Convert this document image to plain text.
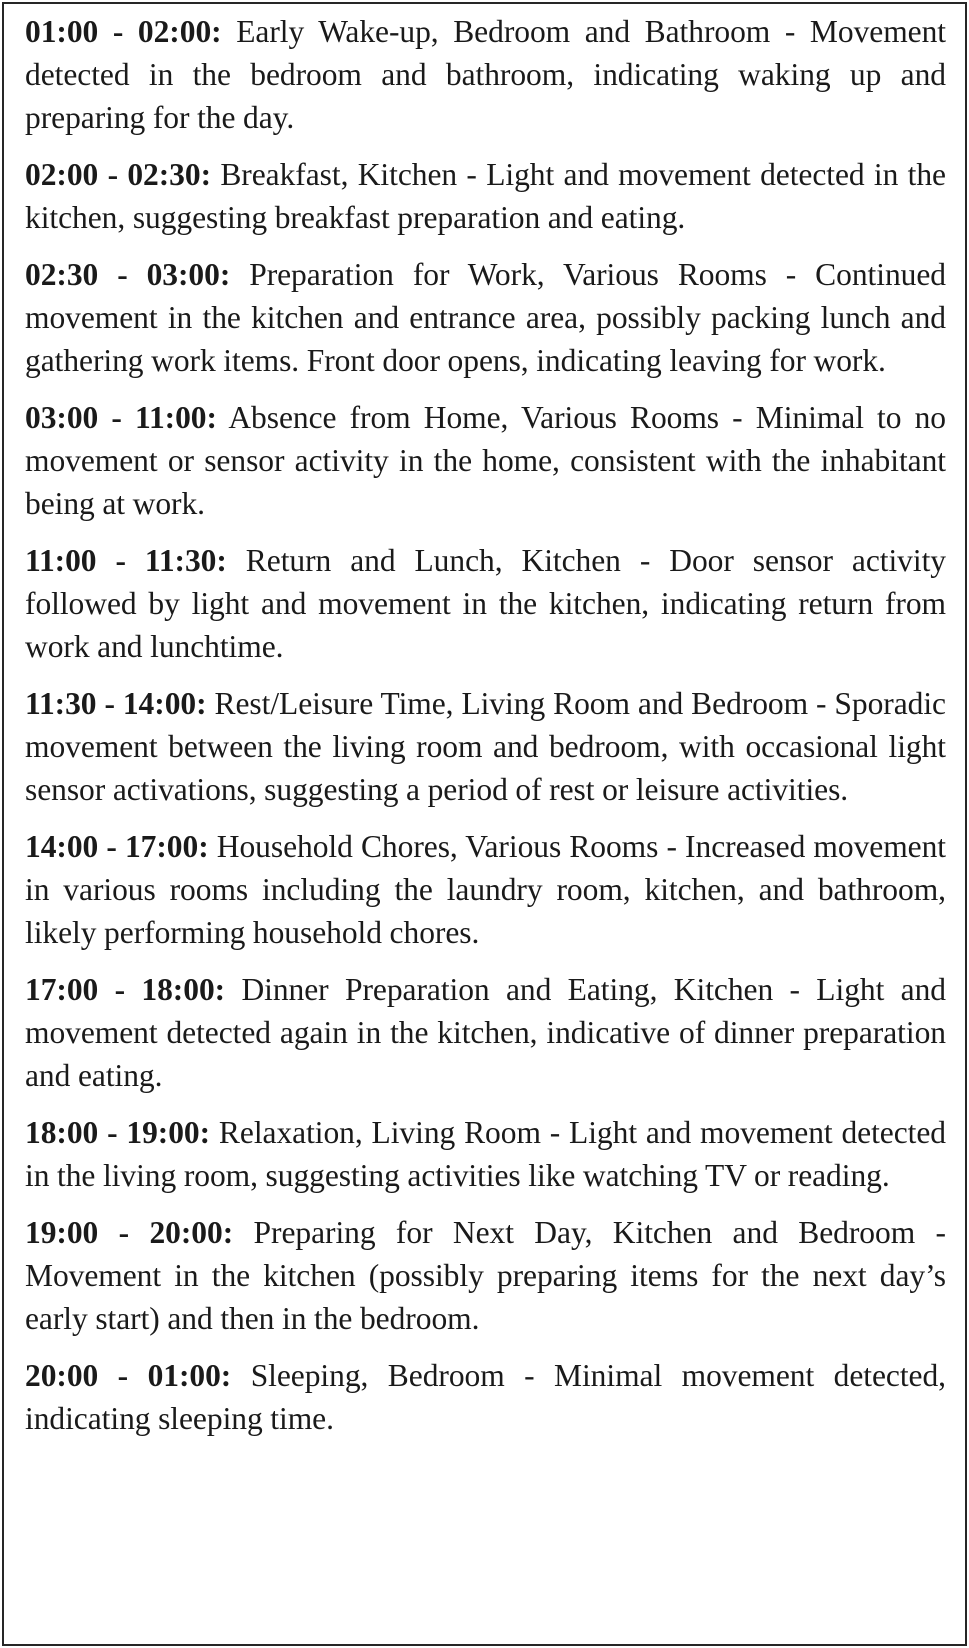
01:00 - 02:00: Early Wake-up, Bedroom and Bathroom - Movement detected in the bedroom and bathroom, indicating waking up and preparing for the day.

02:00 - 02:30: Breakfast, Kitchen - Light and movement detected in the kitchen, suggesting breakfast preparation and eating.

02:30 - 03:00: Preparation for Work, Various Rooms - Continued movement in the kitchen and entrance area, possibly packing lunch and gathering work items. Front door opens, indicating leaving for work.

03:00 - 11:00: Absence from Home, Various Rooms - Minimal to no movement or sensor activity in the home, consistent with the inhabitant being at work.

11:00 - 11:30: Return and Lunch, Kitchen - Door sensor activity followed by light and movement in the kitchen, indicating return from work and lunchtime.

11:30 - 14:00: Rest/Leisure Time, Living Room and Bedroom - Sporadic movement between the living room and bedroom, with occasional light sensor activations, suggesting a period of rest or leisure activities.

14:00 - 17:00: Household Chores, Various Rooms - Increased movement in various rooms including the laundry room, kitchen, and bathroom, likely performing household chores.

17:00 - 18:00: Dinner Preparation and Eating, Kitchen - Light and movement detected again in the kitchen, indicative of dinner preparation and eating.

18:00 - 19:00: Relaxation, Living Room - Light and movement detected in the living room, suggesting activities like watching TV or reading.

19:00 - 20:00: Preparing for Next Day, Kitchen and Bedroom - Movement in the kitchen (possibly preparing items for the next day’s early start) and then in the bedroom.

20:00 - 01:00: Sleeping, Bedroom - Minimal movement detected, indicating sleeping time.
